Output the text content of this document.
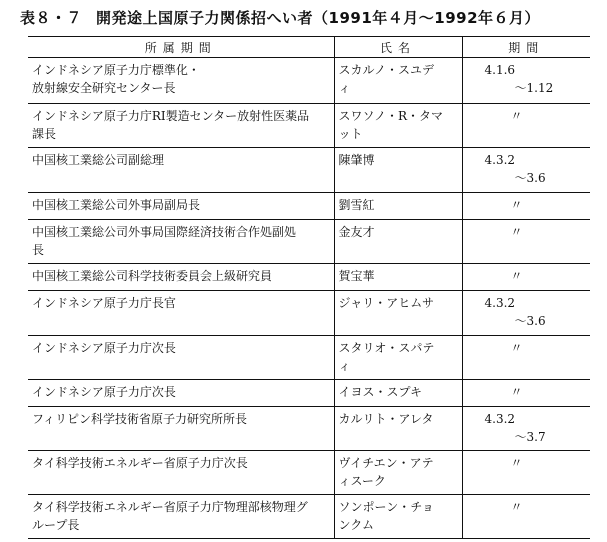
表８・７ 開発途上国原子力関係招へい者（1991年４月～1992年６月）
所属期間	氏名	期間

インドネシア原子力庁標準化・
放射線安全研究センター長	スカルノ・スユデ
ィ	4.1.6
～1.12

インドネシア原子力庁RI製造センター放射性医薬品
課長	スワソノ・R・タマ
ット	〃

中国核工業総公司副総理	陳肇博	4.3.2
～3.6

中国核工業総公司外事局副局長	劉雪紅	〃

中国核工業総公司外事局国際経済技術合作処副処
長	金友才	〃

中国核工業総公司科学技術委員会上級研究員	賀宝華	〃

インドネシア原子力庁長官	ジャリ・アヒムサ	4.3.2
～3.6

インドネシア原子力庁次長	スタリオ・スパテ
ィ	〃

インドネシア原子力庁次長	イヨス・スプキ	〃

フィリピン科学技術省原子力研究所所長	カルリト・アレタ	4.3.2
～3.7

タイ科学技術エネルギー省原子力庁次長	ヴイチエン・アテ
ィスーク	〃

タイ科学技術エネルギー省原子力庁物理部核物理グ
ループ長	ソンポーン・チョ
ンクム	〃
